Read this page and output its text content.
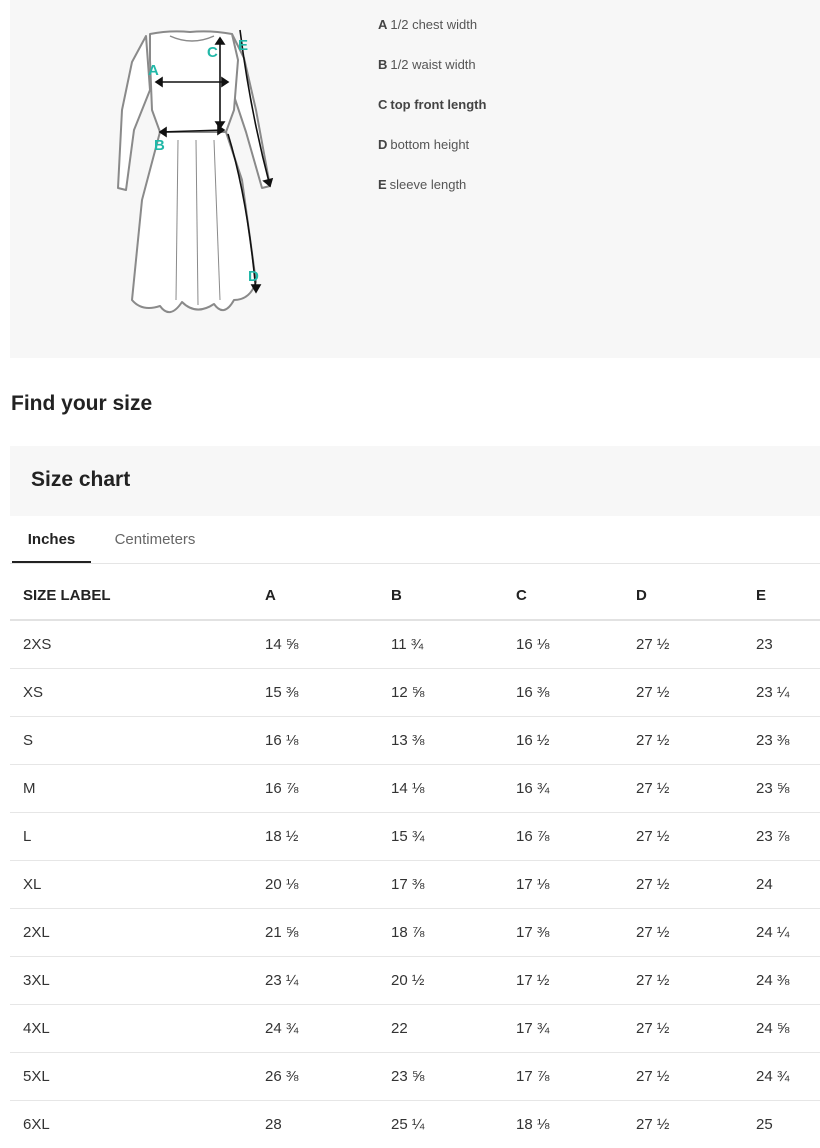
A
B
C
D
E
A 1/2 chest width
B 1/2 waist width
C top front length
D bottom height
E sleeve length
Find your size
Size chart
Inches	Centimeters
SIZE LABEL	A	B	C	D	E
2XS	14 ⅝	11 ¾	16 ⅛	27 ½	23
XS	15 ⅜	12 ⅝	16 ⅜	27 ½	23 ¼
S	16 ⅛	13 ⅜	16 ½	27 ½	23 ⅜
M	16 ⅞	14 ⅛	16 ¾	27 ½	23 ⅝
L	18 ½	15 ¾	16 ⅞	27 ½	23 ⅞
XL	20 ⅛	17 ⅜	17 ⅛	27 ½	24
2XL	21 ⅝	18 ⅞	17 ⅜	27 ½	24 ¼
3XL	23 ¼	20 ½	17 ½	27 ½	24 ⅜
4XL	24 ¾	22	17 ¾	27 ½	24 ⅝
5XL	26 ⅜	23 ⅝	17 ⅞	27 ½	24 ¾
6XL	28	25 ¼	18 ⅛	27 ½	25
